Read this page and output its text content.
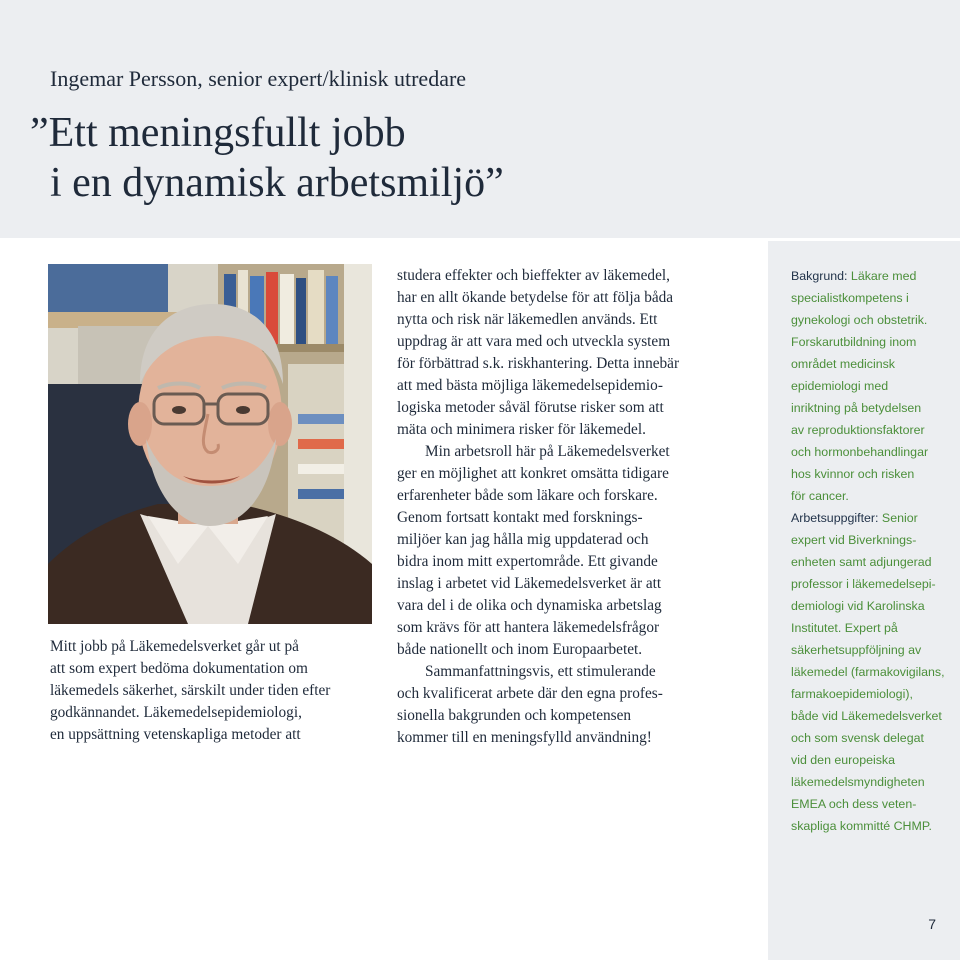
Ingemar Persson, senior expert/klinisk utredare
”Ett meningsfullt jobb
i en dynamisk arbetsmiljö”
Mitt jobb på Läkemedelsverket går ut på
att som expert bedöma dokumentation om
läkemedels säkerhet, särskilt under tiden efter
godkännandet. Läkemedelsepidemiologi,
en uppsättning vetenskapliga metoder att
studera effekter och bieffekter av läkemedel,
har en allt ökande betydelse för att följa båda
nytta och risk när läkemedlen används. Ett
uppdrag är att vara med och utveckla system
för förbättrad s.k. riskhantering. Detta innebär
att med bästa möjliga läkemedelsepidemio-
logiska metoder såväl förutse risker som att
mäta och minimera risker för läkemedel.
Min arbetsroll här på Läkemedelsverket
ger en möjlighet att konkret omsätta tidigare
erfarenheter både som läkare och forskare.
Genom fortsatt kontakt med forsknings-
miljöer kan jag hålla mig uppdaterad och
bidra inom mitt expertområde. Ett givande
inslag i arbetet vid Läkemedelsverket är att
vara del i de olika och dynamiska arbetslag
som krävs för att hantera läkemedelsfrågor
både nationellt och inom Europaarbetet.
Sammanfattningsvis, ett stimulerande
och kvalificerat arbete där den egna profes-
sionella bakgrunden och kompetensen
kommer till en meningsfylld användning!
Bakgrund: Läkare med
specialistkompetens i
gynekologi och obstetrik.
Forskarutbildning inom
området medicinsk
epidemiologi med
inriktning på betydelsen
av reproduktionsfaktorer
och hormonbehandlingar
hos kvinnor och risken
för cancer.
Arbetsuppgifter: Senior
expert vid Biverknings-
enheten samt adjungerad
professor i läkemedelsepi-
demiologi vid Karolinska
Institutet. Expert på
säkerhetsuppföljning av
läkemedel (farmakovigilans,
farmakoepidemiologi),
både vid Läkemedelsverket
och som svensk delegat
vid den europeiska
läkemedelsmyndigheten
EMEA och dess veten-
skapliga kommitté CHMP.
7
